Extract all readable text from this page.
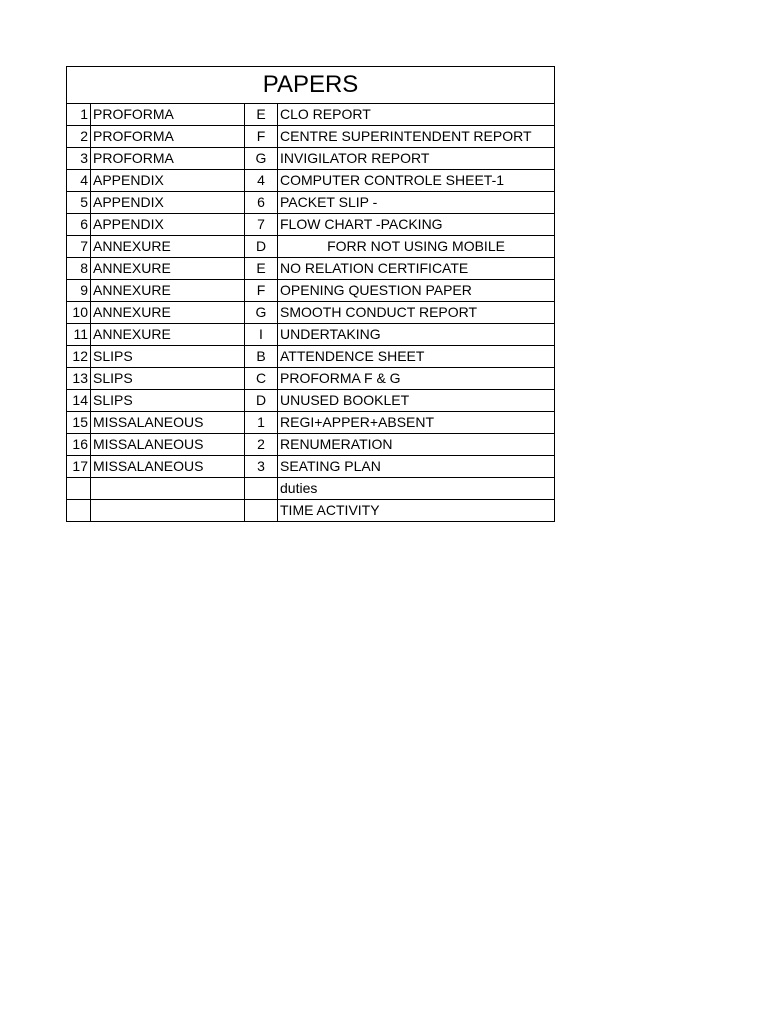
PAPERS			
1	PROFORMA	E	CLO REPORT
2	PROFORMA	F	CENTRE SUPERINTENDENT REPORT
3	PROFORMA	G	INVIGILATOR REPORT
4	APPENDIX	4	COMPUTER CONTROLE SHEET-1
5	APPENDIX	6	PACKET SLIP -
6	APPENDIX	7	FLOW CHART -PACKING
7	ANNEXURE	D	FORR NOT USING MOBILE
8	ANNEXURE	E	NO RELATION CERTIFICATE
9	ANNEXURE	F	OPENING QUESTION PAPER
10	ANNEXURE	G	SMOOTH CONDUCT REPORT
11	ANNEXURE	I	UNDERTAKING
12	SLIPS	B	ATTENDENCE SHEET
13	SLIPS	C	PROFORMA F & G
14	SLIPS	D	UNUSED BOOKLET
15	MISSALANEOUS	1	REGI+APPER+ABSENT
16	MISSALANEOUS	2	RENUMERATION
17	MISSALANEOUS	3	SEATING PLAN
			duties
			TIME ACTIVITY
